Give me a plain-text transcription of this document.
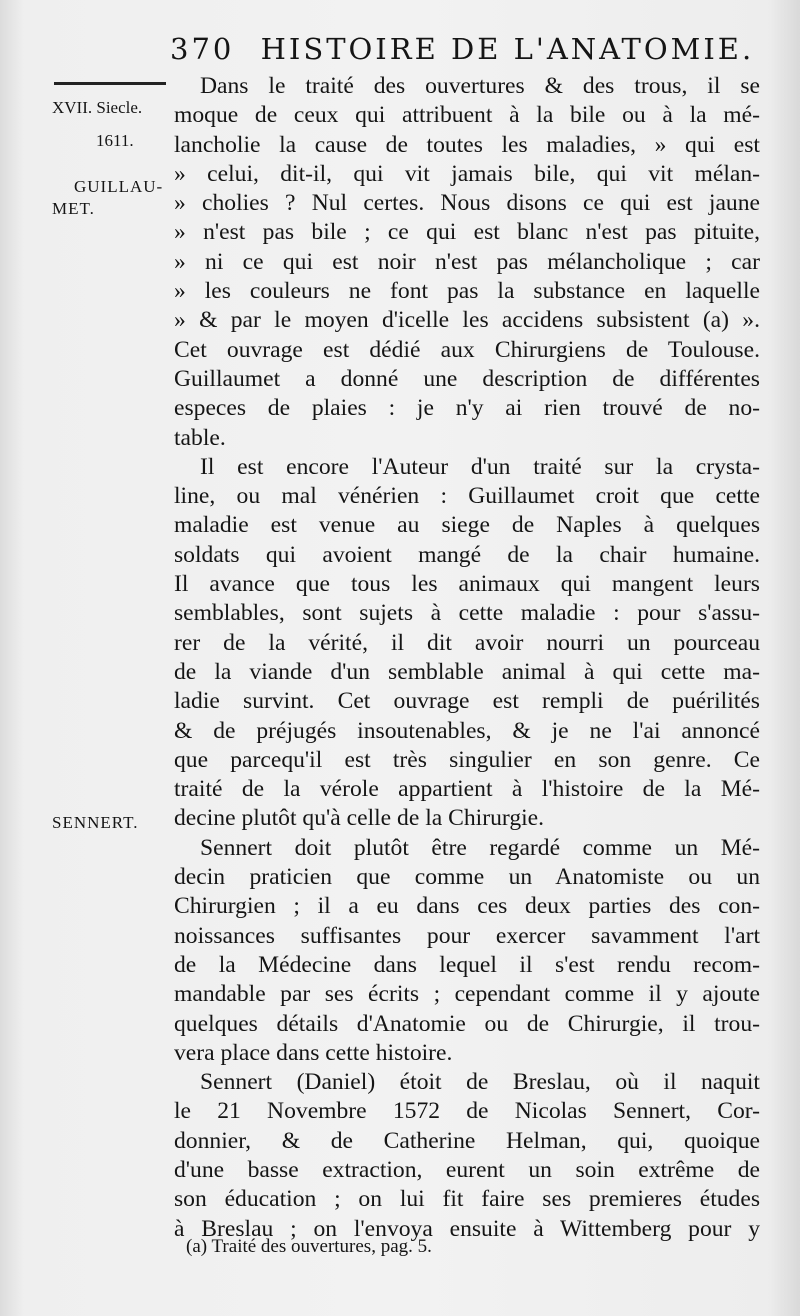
370 HISTOIRE DE L'ANATOMIE.
XVII. Siecle.
1611.
GUILLAU-
MET.
SENNERT.
Dans le traité des ouvertures & des trous, il se
moque de ceux qui attribuent à la bile ou à la mé-
lancholie la cause de toutes les maladies, » qui est
» celui, dit-il, qui vit jamais bile, qui vit mélan-
» cholies ? Nul certes. Nous disons ce qui est jaune
» n'est pas bile ; ce qui est blanc n'est pas pituite,
» ni ce qui est noir n'est pas mélancholique ; car
» les couleurs ne font pas la substance en laquelle
» & par le moyen d'icelle les accidens subsistent (a) ».
Cet ouvrage est dédié aux Chirurgiens de Toulouse.
Guillaumet a donné une description de différentes
especes de plaies : je n'y ai rien trouvé de no-
table.
Il est encore l'Auteur d'un traité sur la crysta-
line, ou mal vénérien : Guillaumet croit que cette
maladie est venue au siege de Naples à quelques
soldats qui avoient mangé de la chair humaine.
Il avance que tous les animaux qui mangent leurs
semblables, sont sujets à cette maladie : pour s'assu-
rer de la vérité, il dit avoir nourri un pourceau
de la viande d'un semblable animal à qui cette ma-
ladie survint. Cet ouvrage est rempli de puérilités
& de préjugés insoutenables, & je ne l'ai annoncé
que parcequ'il est très singulier en son genre. Ce
traité de la vérole appartient à l'histoire de la Mé-
decine plutôt qu'à celle de la Chirurgie.
Sennert doit plutôt être regardé comme un Mé-
decin praticien que comme un Anatomiste ou un
Chirurgien ; il a eu dans ces deux parties des con-
noissances suffisantes pour exercer savamment l'art
de la Médecine dans lequel il s'est rendu recom-
mandable par ses écrits ; cependant comme il y ajoute
quelques détails d'Anatomie ou de Chirurgie, il trou-
vera place dans cette histoire.
Sennert (Daniel) étoit de Breslau, où il naquit
le 21 Novembre 1572 de Nicolas Sennert, Cor-
donnier, & de Catherine Helman, qui, quoique
d'une basse extraction, eurent un soin extrême de
son éducation ; on lui fit faire ses premieres études
à Breslau ; on l'envoya ensuite à Wittemberg pour y
(a) Traité des ouvertures, pag. 5.
